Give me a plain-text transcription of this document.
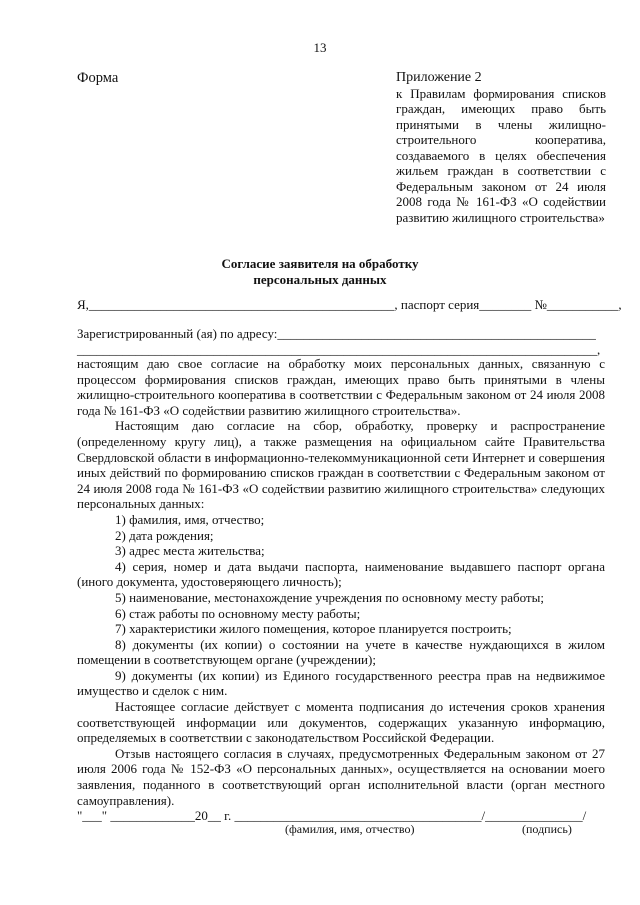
13
Форма	Приложение 2
к Правилам формирования списков граждан, имеющих право быть принятыми в члены жилищно-строительного кооператива, создаваемого в целях обеспечения жильем граждан в соответствии с Федеральным законом от 24 июля 2008 года № 161-ФЗ «О содействии развитию жилищного строительства»
Согласие заявителя на обработку
персональных данных
Я,_______________________________________________, паспорт серия________ №___________,
Зарегистрированный (ая) по адресу:_________________________________________________
________________________________________________________________________________,

настоящим даю свое согласие на обработку моих персональных данных, связанную с процессом формирования списков граждан, имеющих право быть принятыми в члены жилищно-строительного кооператива в соответствии с Федеральным законом от 24 июля 2008 года № 161-ФЗ «О содействии развитию жилищного строительства».

Настоящим даю согласие на сбор, обработку, проверку и распространение (определенному кругу лиц), а также размещения на официальном сайте Правительства Свердловской области в информационно-телекоммуникационной сети Интернет и совершения иных действий по формированию списков граждан в соответствии с Федеральным законом от 24 июля 2008 года № 161-ФЗ «О содействии развитию жилищного строительства» следующих персональных данных:

1) фамилия, имя, отчество;

2) дата рождения;

3) адрес места жительства;

4) серия, номер и дата выдачи паспорта, наименование выдавшего паспорт органа (иного документа, удостоверяющего личность);

5) наименование, местонахождение учреждения по основному месту работы;

6) стаж работы по основному месту работы;

7) характеристики жилого помещения, которое планируется построить;

8) документы (их копии) о состоянии на учете в качестве нуждающихся в жилом помещении в соответствующем органе (учреждении);

9) документы (их копии) из Единого государственного реестра прав на недвижимое имущество и сделок с ним.

Настоящее согласие действует с момента подписания до истечения сроков хранения соответствующей информации или документов, содержащих указанную информацию, определяемых в соответствии с законодательством Российской Федерации.

Отзыв настоящего согласия в случаях, предусмотренных Федеральным законом от 27 июля 2006 года № 152-ФЗ «О персональных данных», осуществляется на основании моего заявления, поданного в соответствующий орган исполнительной власти (орган местного самоуправления).

"___" _____________20__ г. ______________________________________/_______________/
(фамилия, имя, отчество)	(подпись)
